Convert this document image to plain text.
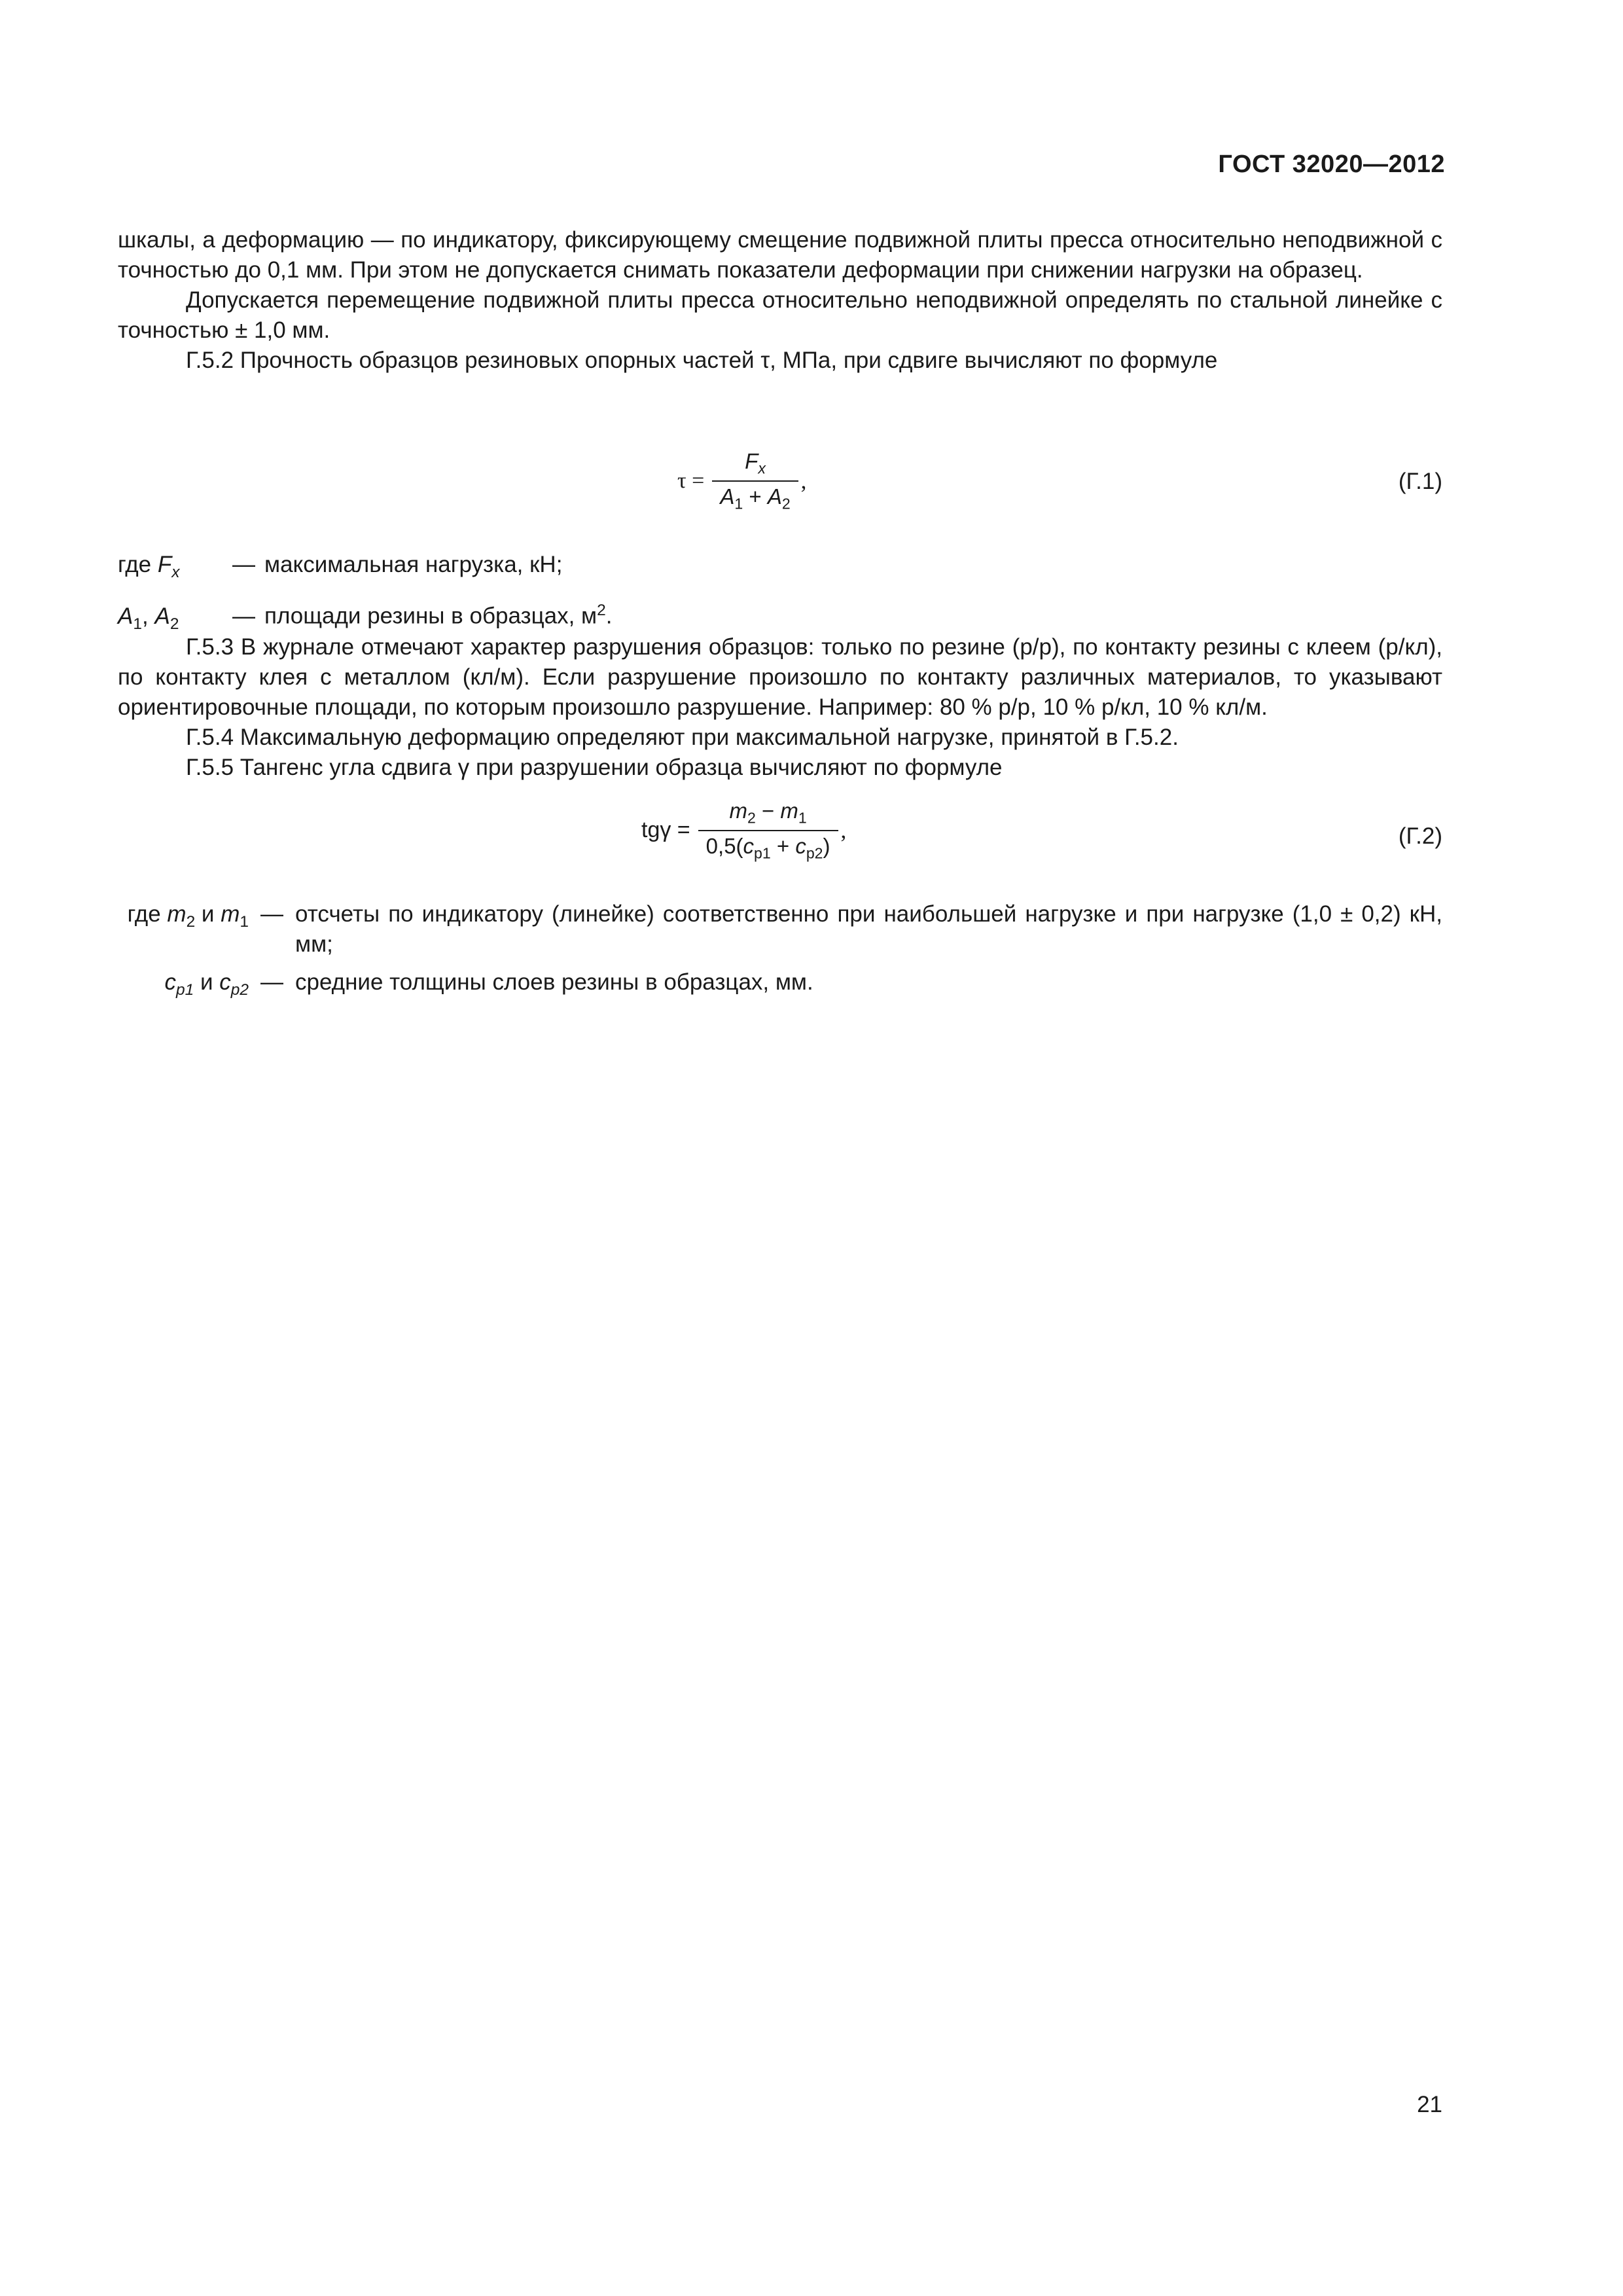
ГОСТ 32020—2012

шкалы, а деформацию — по индикатору, фиксирующему смещение подвижной плиты пресса относительно неподвижной с точностью до 0,1 мм. При этом не допускается снимать показатели деформации при снижении нагрузки на образец.

Допускается перемещение подвижной плиты пресса относительно неподвижной определять по стальной линейке с точностью ± 1,0 мм.

Г.5.2 Прочность образцов резиновых опорных частей τ, МПа, при сдвиге вычисляют по формуле

$\tau = \frac{F_x}{A_1 + A_2}$ ,	(Г.1)
где $F_x$	— максимальная нагрузка, кН;
$A_1$, $A_2$	— площади резины в образцах, $м^2$.

Г.5.3 В журнале отмечают характер разрушения образцов: только по резине (р/р), по контакту резины с клеем (р/кл), по контакту клея с металлом (кл/м). Если разрушение произошло по контакту различных материалов, то указывают ориентировочные площади, по которым произошло разрушение. Например: 80 % р/р, 10 % р/кл, 10 % кл/м.

Г.5.4 Максимальную деформацию определяют при максимальной нагрузке, принятой в Г.5.2.

Г.5.5 Тангенс угла сдвига γ при разрушении образца вычисляют по формуле

$tg\gamma = \frac{m_2 - m_1}{0,5(c_{p1} + c_{p2})}$ ,	(Г.2)
где $m_2$ и $m_1$ — отсчеты по индикатору (линейке) соответственно при наибольшей нагрузке и при нагрузке (1,0 ± 0,2) кН, мм;
$c_{p1}$ и $c_{p2}$ — средние толщины слоев резины в образцах, мм.
21
